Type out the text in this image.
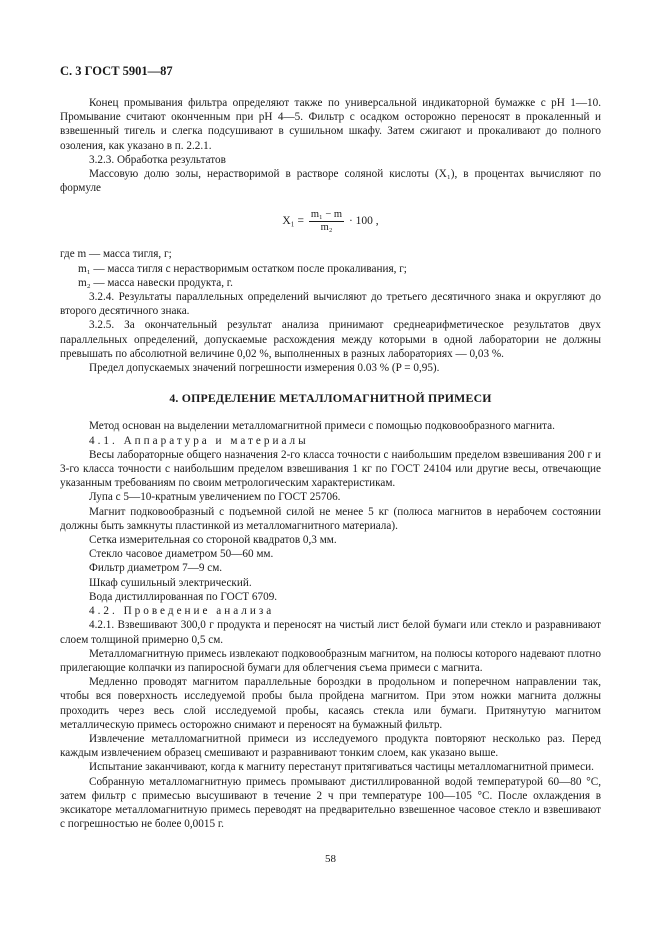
С. 3 ГОСТ 5901—87

Конец промывания фильтра определяют также по универсальной индикаторной бумажке с pH 1—10. Промывание считают оконченным при pH 4—5. Фильтр с осадком осторожно переносят в прокаленный и взвешенный тигель и слегка подсушивают в сушильном шкафу. Затем сжигают и прокаливают до полного озоления, как указано в п. 2.2.1.

3.2.3. Обработка результатов

Массовую долю золы, нерастворимой в растворе соляной кислоты (X₁), в процентах вычисляют по формуле

$X_1 = \frac{\text{m₁ − m}}{\text{m₂}} \cdot 100$ ,

где m — масса тигля, г;

m₁ — масса тигля с нерастворимым остатком после прокаливания, г;

m₂ — масса навески продукта, г.

3.2.4. Результаты параллельных определений вычисляют до третьего десятичного знака и округляют до второго десятичного знака.

3.2.5. За окончательный результат анализа принимают среднеарифметическое результатов двух параллельных определений, допускаемые расхождения между которыми в одной лаборатории не должны превышать по абсолютной величине 0,02 %, выполненных в разных лабораториях — 0,03 %.

Предел допускаемых значений погрешности измерения 0.03 % (P = 0,95).

4. ОПРЕДЕЛЕНИЕ МЕТАЛЛОМАГНИТНОЙ ПРИМЕСИ

Метод основан на выделении металломагнитной примеси с помощью подковообразного магнита.

4.1. Аппаратура и материалы

Весы лабораторные общего назначения 2-го класса точности с наибольшим пределом взвешивания 200 г и 3-го класса точности с наибольшим пределом взвешивания 1 кг по ГОСТ 24104 или другие весы, отвечающие указанным требованиям по своим метрологическим характеристикам.

Лупа с 5—10-кратным увеличением по ГОСТ 25706.

Магнит подковообразный с подъемной силой не менее 5 кг (полюса магнитов в нерабочем состоянии должны быть замкнуты пластинкой из металломагнитного материала).

Сетка измерительная со стороной квадратов 0,3 мм.

Стекло часовое диаметром 50—60 мм.

Фильтр диаметром 7—9 см.

Шкаф сушильный электрический.

Вода дистиллированная по ГОСТ 6709.

4.2. Проведение анализа

4.2.1. Взвешивают 300,0 г продукта и переносят на чистый лист белой бумаги или стекло и разравнивают слоем толщиной примерно 0,5 см.

Металломагнитную примесь извлекают подковообразным магнитом, на полюсы которого надевают плотно прилегающие колпачки из папиросной бумаги для облегчения съема примеси с магнита.

Медленно проводят магнитом параллельные бороздки в продольном и поперечном направлении так, чтобы вся поверхность исследуемой пробы была пройдена магнитом. При этом ножки магнита должны проходить через весь слой исследуемой пробы, касаясь стекла или бумаги. Притянутую магнитом металлическую примесь осторожно снимают и переносят на бумажный фильтр.

Извлечение металломагнитной примеси из исследуемого продукта повторяют несколько раз. Перед каждым извлечением образец смешивают и разравнивают тонким слоем, как указано выше.

Испытание заканчивают, когда к магниту перестанут притягиваться частицы металломагнитной примеси.

Собранную металломагнитную примесь промывают дистиллированной водой температурой 60—80 °C, затем фильтр с примесью высушивают в течение 2 ч при температуре 100—105 °C. После охлаждения в эксикаторе металломагнитную примесь переводят на предварительно взвешенное часовое стекло и взвешивают с погрешностью не более 0,0015 г.

58
